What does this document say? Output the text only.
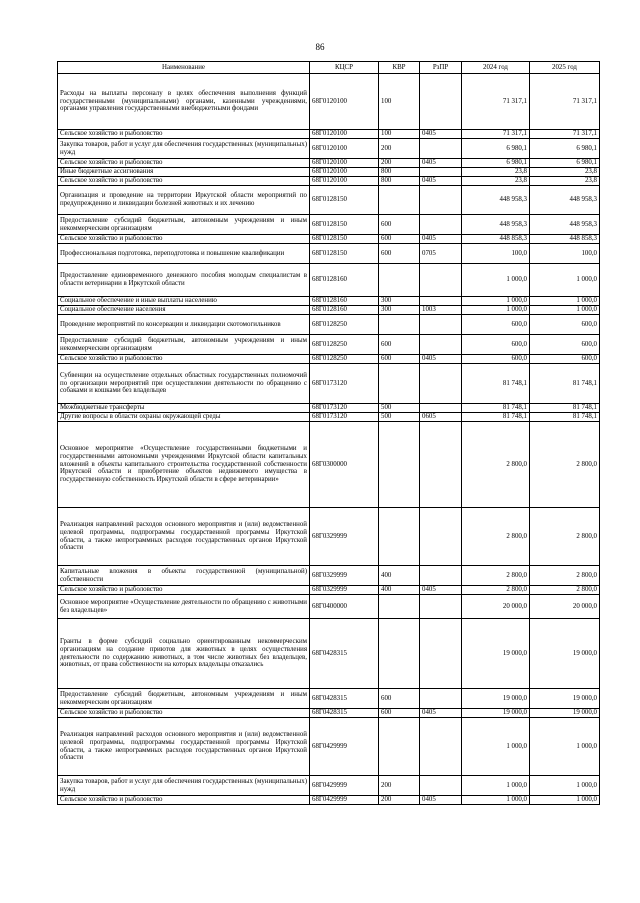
86
Наименование	КЦСР	КВР	РзПР	2024 год	2025 год
Расходы на выплаты персоналу в целях обеспечения выполнения функций государственными (муниципальными) органами, казенными учреждениями, органами управления государственными внебюджетными фондами	68Г0120100	100		71 317,1	71 317,1
Сельское хозяйство и рыболовство	68Г0120100	100	0405	71 317,1	71 317,1
Закупка товаров, работ и услуг для обеспечения государственных (муниципальных) нужд	68Г0120100	200		6 980,1	6 980,1
Сельское хозяйство и рыболовство	68Г0120100	200	0405	6 980,1	6 980,1
Иные бюджетные ассигнования	68Г0120100	800		23,8	23,8
Сельское хозяйство и рыболовство	68Г0120100	800	0405	23,8	23,8
Организация и проведение на территории Иркутской области мероприятий по предупреждению и ликвидации болезней животных и их лечению	68Г0128150			448 958,3	448 958,3
Предоставление субсидий бюджетным, автономным учреждениям и иным некоммерческим организациям	68Г0128150	600		448 958,3	448 958,3
Сельское хозяйство и рыболовство	68Г0128150	600	0405	448 858,3	448 858,3
Профессиональная подготовка, переподготовка и повышение квалификации	68Г0128150	600	0705	100,0	100,0
Предоставление единовременного денежного пособия молодым специалистам в области ветеринарии в Иркутской области	68Г0128160			1 000,0	1 000,0
Социальное обеспечение и иные выплаты населению	68Г0128160	300		1 000,0	1 000,0
Социальное обеспечение населения	68Г0128160	300	1003	1 000,0	1 000,0
Проведение мероприятий по консервации и ликвидации скотомогильников	68Г0128250			600,0	600,0
Предоставление субсидий бюджетным, автономным учреждениям и иным некоммерческим организациям	68Г0128250	600		600,0	600,0
Сельское хозяйство и рыболовство	68Г0128250	600	0405	600,0	600,0
Субвенции на осуществление отдельных областных государственных полномочий по организации мероприятий при осуществлении деятельности по обращению с собаками и кошками без владельцев	68Г0173120			81 748,1	81 748,1
Межбюджетные трансферты	68Г0173120	500		81 748,1	81 748,1
Другие вопросы в области охраны окружающей среды	68Г0173120	500	0605	81 748,1	81 748,1
Основное мероприятие «Осуществление государственными бюджетными и государственными автономными учреждениями Иркутской области капитальных вложений в объекты капитального строительства государственной собственности Иркутской области и приобретение объектов недвижимого имущества в государственную собственность Иркутской области в сфере ветеринарии»	68Г0300000			2 800,0	2 800,0
Реализация направлений расходов основного мероприятия и (или) ведомственной целевой программы, подпрограммы государственной программы Иркутской области, а также непрограммных расходов государственных органов Иркутской области	68Г0329999			2 800,0	2 800,0
Капитальные вложения в объекты государственной (муниципальной) собственности	68Г0329999	400		2 800,0	2 800,0
Сельское хозяйство и рыболовство	68Г0329999	400	0405	2 800,0	2 800,0
Основное мероприятие «Осуществление деятельности по обращению с животными без владельцев»	68Г0400000			20 000,0	20 000,0
Гранты в форме субсидий социально ориентированным некоммерческим организациям на создание приютов для животных в целях осуществления деятельности по содержанию животных, в том числе животных без владельцев, животных, от права собственности на которых владельцы отказались	68Г0428315			19 000,0	19 000,0
Предоставление субсидий бюджетным, автономным учреждениям и иным некоммерческим организациям	68Г0428315	600		19 000,0	19 000,0
Сельское хозяйство и рыболовство	68Г0428315	600	0405	19 000,0	19 000,0
Реализация направлений расходов основного мероприятия и (или) ведомственной целевой программы, подпрограммы государственной программы Иркутской области, а также непрограммных расходов государственных органов Иркутской области	68Г0429999			1 000,0	1 000,0
Закупка товаров, работ и услуг для обеспечения государственных (муниципальных) нужд	68Г0429999	200		1 000,0	1 000,0
Сельское хозяйство и рыболовство	68Г0429999	200	0405	1 000,0	1 000,0
